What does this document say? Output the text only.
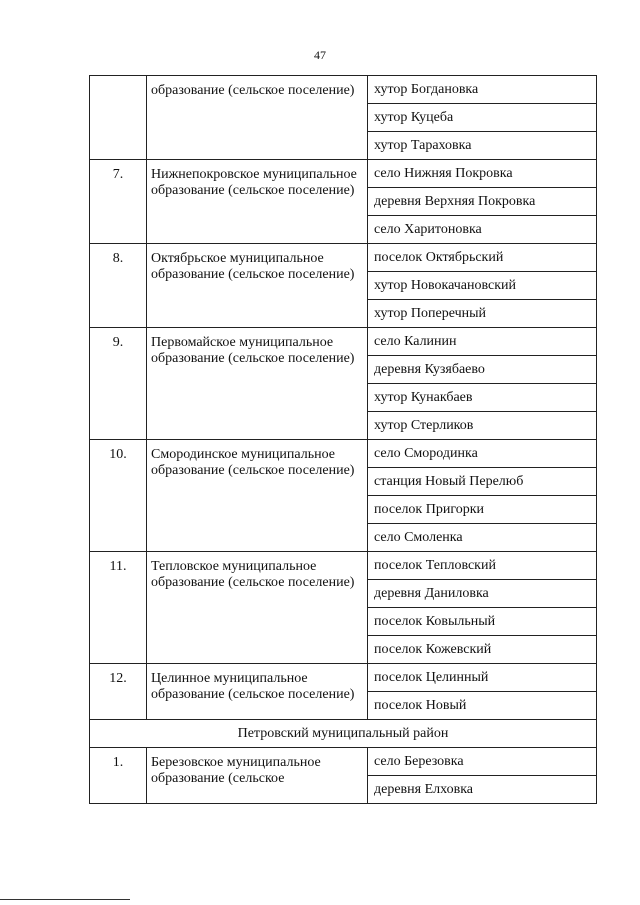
47
	образование (сельское поселение)	хутор Богдановка
		хутор Куцеба
		хутор Тараховка
7.	Нижнепокровское муниципальное образование (сельское поселение)	село Нижняя Покровка
		деревня Верхняя Покровка
		село Харитоновка
8.	Октябрьское муниципальное образование (сельское поселение)	поселок Октябрьский
		хутор Новокачановский
		хутор Поперечный
9.	Первомайское муниципальное образование (сельское поселение)	село Калинин
		деревня Кузябаево
		хутор Кунакбаев
		хутор Стерликов
10.	Смородинское муниципальное образование (сельское поселение)	село Смородинка
		станция Новый Перелюб
		поселок Пригорки
		село Смоленка
11.	Тепловское муниципальное образование (сельское поселение)	поселок Тепловский
		деревня Даниловка
		поселок Ковыльный
		поселок Кожевский
12.	Целинное муниципальное образование (сельское поселение)	поселок Целинный
		поселок Новый
Петровский муниципальный район		
1.	Березовское муниципальное образование (сельское	село Березовка
		деревня Елховка
